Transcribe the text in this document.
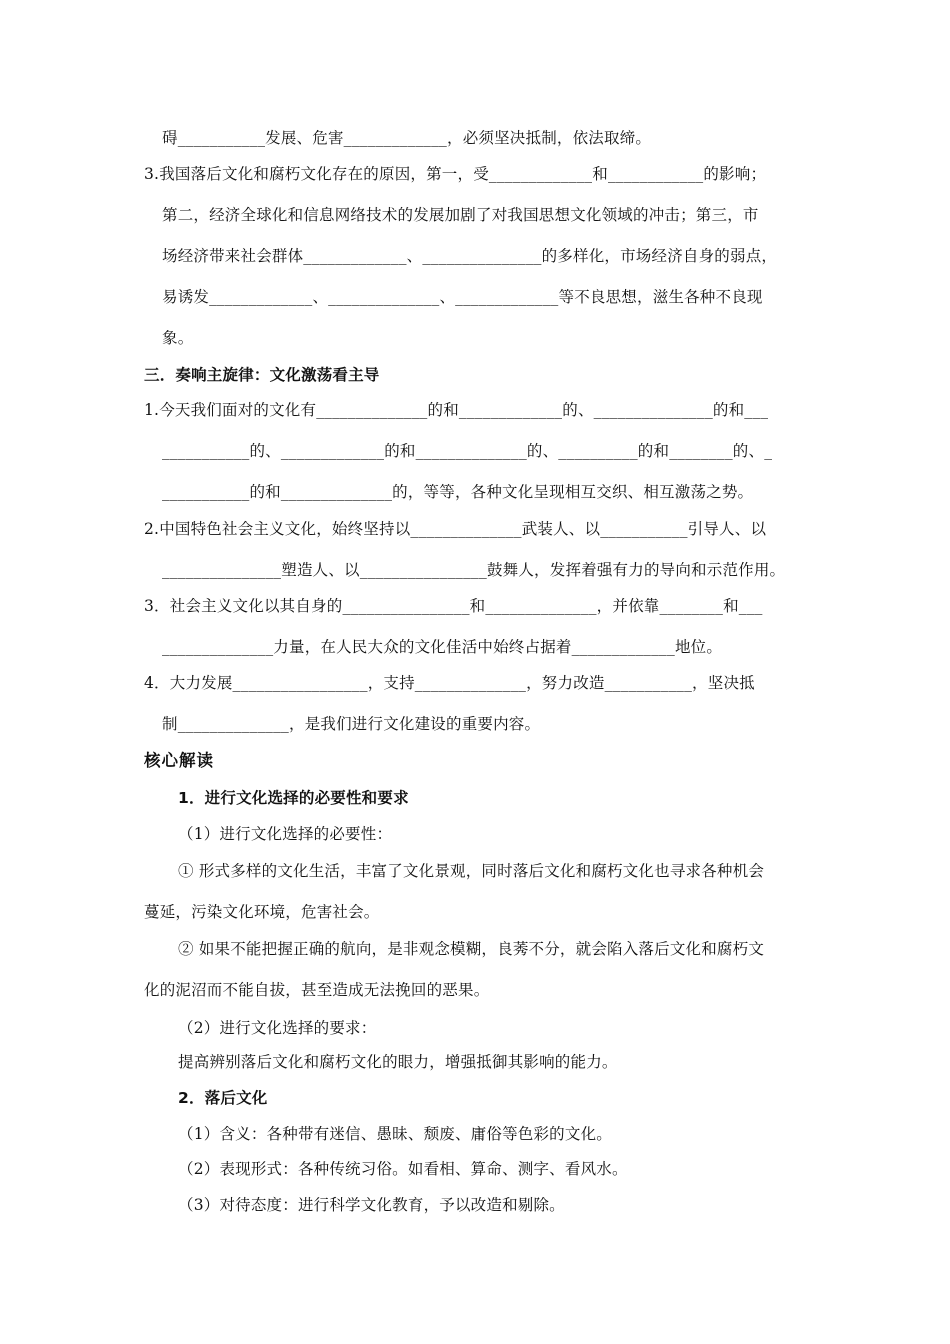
碍___________发展、危害_____________，必须坚决抵制，依法取缔。
3.我国落后文化和腐朽文化存在的原因，第一，受_____________和____________的影响；
第二，经济全球化和信息网络技术的发展加剧了对我国思想文化领域的冲击；第三，市
场经济带来社会群体_____________、_______________的多样化，市场经济自身的弱点，
易诱发_____________、______________、_____________等不良思想，滋生各种不良现
象。
三．奏响主旋律：文化激荡看主导
1.今天我们面对的文化有______________的和_____________的、_______________的和___
___________的、_____________的和______________的、__________的和________的、_
___________的和______________的，等等，各种文化呈现相互交织、相互激荡之势。
2.中国特色社会主义文化，始终坚持以______________武装人、以___________引导人、以
_______________塑造人、以________________鼓舞人，发挥着强有力的导向和示范作用。
3．社会主义文化以其自身的________________和______________，并依靠________和___
______________力量，在人民大众的文化佳活中始终占据着_____________地位。
4．大力发展_________________，支持______________，努力改造___________，坚决抵
制______________，是我们进行文化建设的重要内容。
核心解读
1．进行文化选择的必要性和要求
（1）进行文化选择的必要性：
① 形式多样的文化生活，丰富了文化景观，同时落后文化和腐朽文化也寻求各种机会
蔓延，污染文化环境，危害社会。
② 如果不能把握正确的航向，是非观念模糊，良莠不分，就会陷入落后文化和腐朽文
化的泥沼而不能自拔，甚至造成无法挽回的恶果。
（2）进行文化选择的要求：
提高辨别落后文化和腐朽文化的眼力，增强抵御其影响的能力。
2．落后文化
（1）含义：各种带有迷信、愚昧、颓废、庸俗等色彩的文化。
（2）表现形式：各种传统习俗。如看相、算命、测字、看风水。
（3）对待态度：进行科学文化教育，予以改造和剔除。
